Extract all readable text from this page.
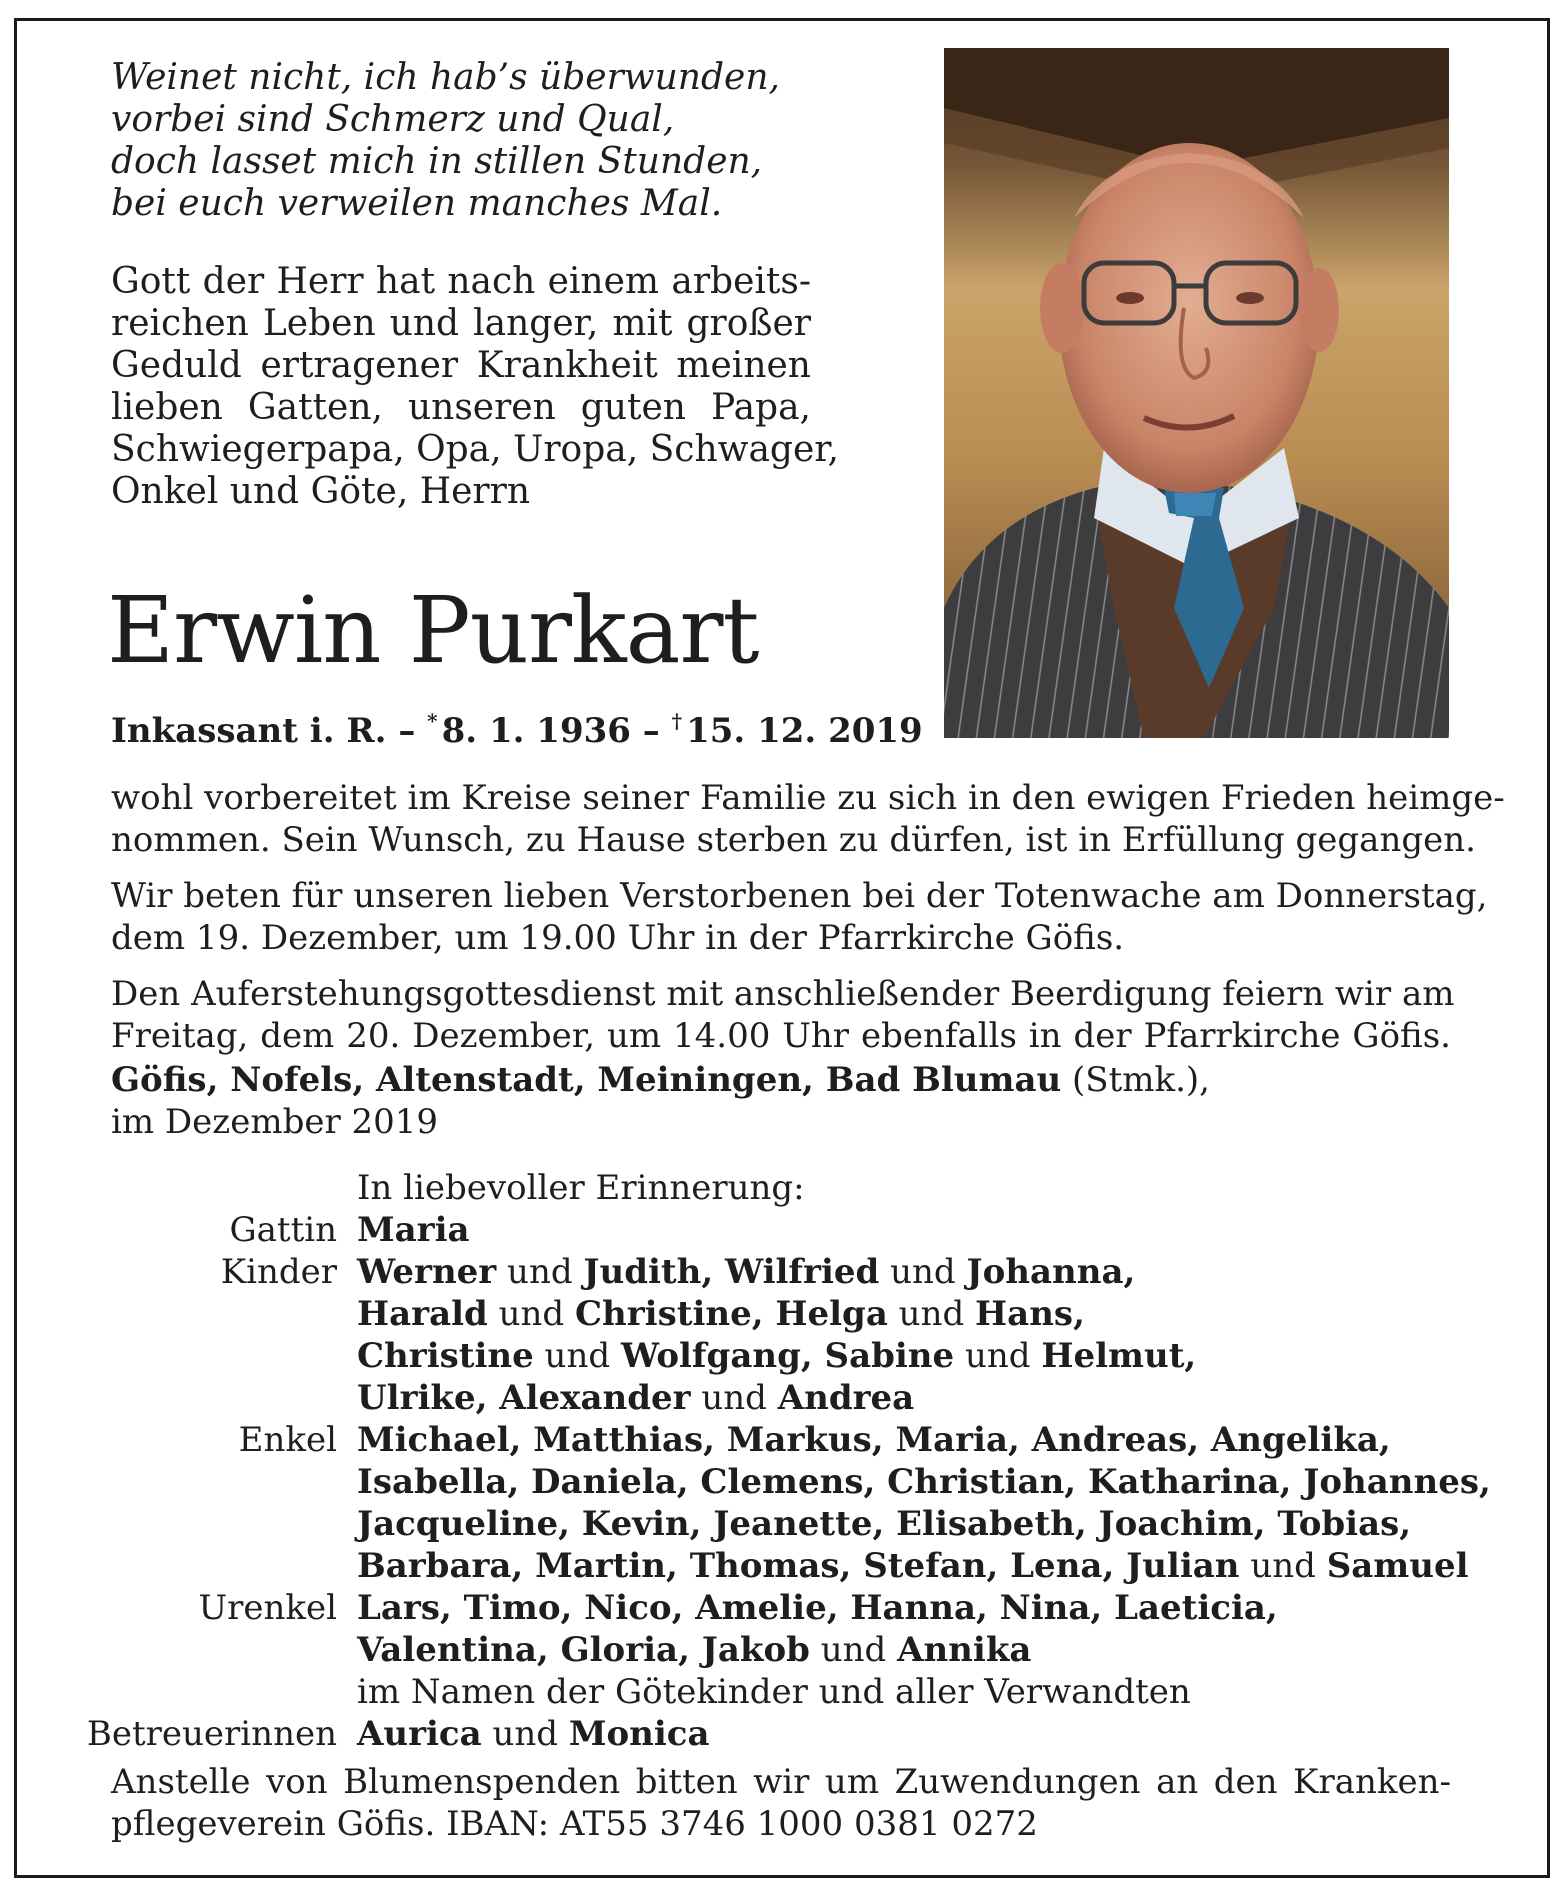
Weinet nicht, ich hab’s überwunden,
vorbei sind Schmerz und Qual,
doch lasset mich in stillen Stunden,
bei euch verweilen manches Mal.
Gott der Herr hat nach einem arbeits-
reichen Leben und langer, mit großer
Geduld ertragener Krankheit meinen
lieben Gatten, unseren guten Papa,
Schwiegerpapa, Opa, Uropa, Schwager,
Onkel und Göte, Herrn
Erwin Purkart
Inkassant i. R. – * 8. 1. 1936 – † 15. 12. 2019
wohl vorbereitet im Kreise seiner Familie zu sich in den ewigen Frieden heimge-
nommen. Sein Wunsch, zu Hause sterben zu dürfen, ist in Erfüllung gegangen.
Wir beten für unseren lieben Verstorbenen bei der Totenwache am Donnerstag,
dem 19. Dezember, um 19.00 Uhr in der Pfarrkirche Göfis.
Den Auferstehungsgottesdienst mit anschließender Beerdigung feiern wir am
Freitag, dem 20. Dezember, um 14.00 Uhr ebenfalls in der Pfarrkirche Göfis.
Göfis, Nofels, Altenstadt, Meiningen, Bad Blumau (Stmk.),
im Dezember 2019
In liebevoller Erinnerung:
Gattin Maria
Kinder Werner und Judith, Wilfried und Johanna,
Harald und Christine, Helga und Hans,
Christine und Wolfgang, Sabine und Helmut,
Ulrike, Alexander und Andrea
Enkel Michael, Matthias, Markus, Maria, Andreas, Angelika,
Isabella, Daniela, Clemens, Christian, Katharina, Johannes,
Jacqueline, Kevin, Jeanette, Elisabeth, Joachim, Tobias,
Barbara, Martin, Thomas, Stefan, Lena, Julian und Samuel
Urenkel Lars, Timo, Nico, Amelie, Hanna, Nina, Laeticia,
Valentina, Gloria, Jakob und Annika
im Namen der Götekinder und aller Verwandten
Betreuerinnen Aurica und Monica
Anstelle von Blumenspenden bitten wir um Zuwendungen an den Kranken-
pflegeverein Göfis. IBAN: AT55 3746 1000 0381 0272
